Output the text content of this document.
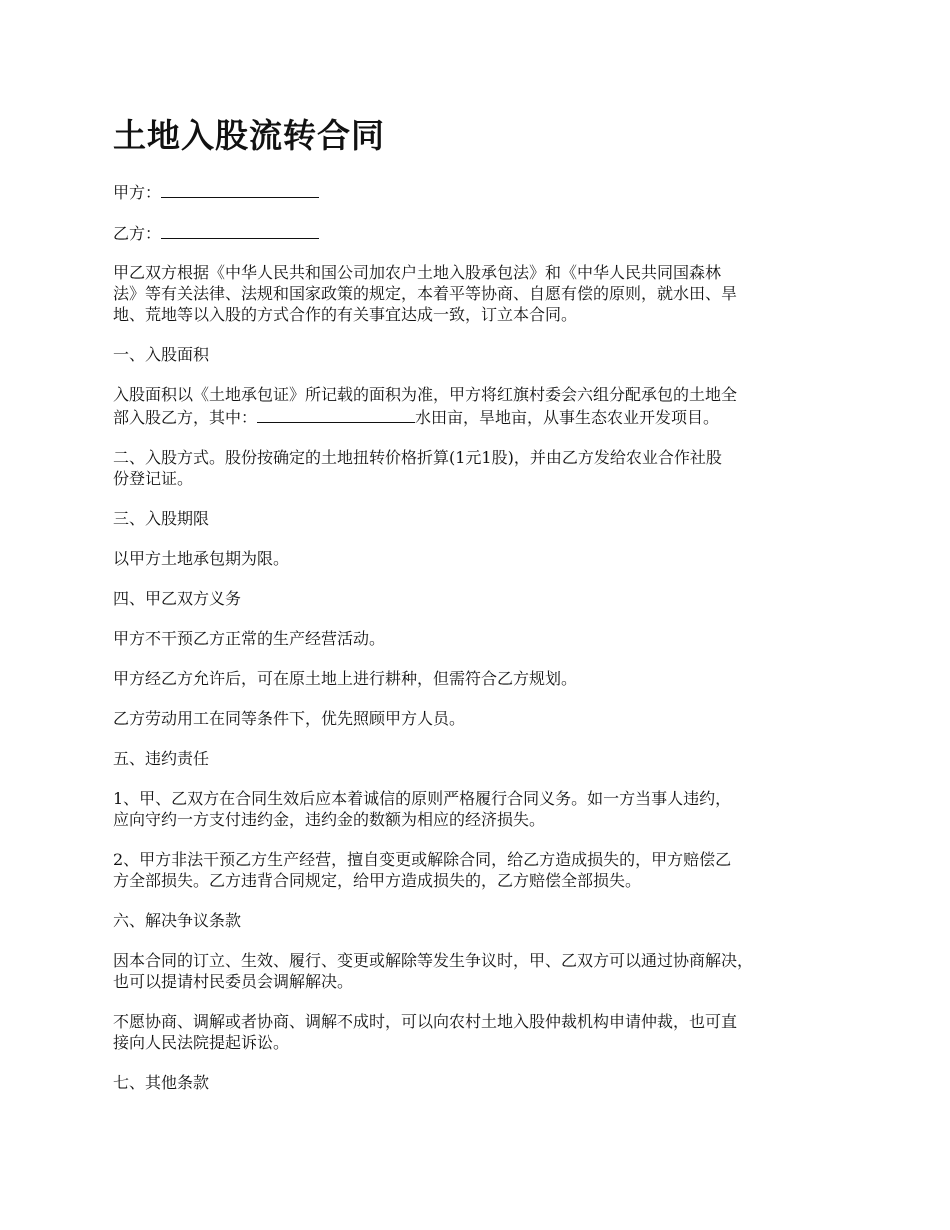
土地入股流转合同
甲方：
乙方：
甲乙双方根据《中华人民共和国公司加农户土地入股承包法》和《中华人民共同国森林
法》等有关法律、法规和国家政策的规定，本着平等协商、自愿有偿的原则，就水田、旱
地、荒地等以入股的方式合作的有关事宜达成一致，订立本合同。
一、入股面积
入股面积以《土地承包证》所记载的面积为准，甲方将红旗村委会六组分配承包的土地全
部入股乙方，其中：	水田亩，旱地亩，从事生态农业开发项目。
二、入股方式。股份按确定的土地扭转价格折算(1元1股)，并由乙方发给农业合作社股
份登记证。
三、入股期限
以甲方土地承包期为限。
四、甲乙双方义务
甲方不干预乙方正常的生产经营活动。
甲方经乙方允许后，可在原土地上进行耕种，但需符合乙方规划。
乙方劳动用工在同等条件下，优先照顾甲方人员。
五、违约责任
1、甲、乙双方在合同生效后应本着诚信的原则严格履行合同义务。如一方当事人违约，
应向守约一方支付违约金，违约金的数额为相应的经济损失。
2、甲方非法干预乙方生产经营，擅自变更或解除合同，给乙方造成损失的，甲方赔偿乙
方全部损失。乙方违背合同规定，给甲方造成损失的，乙方赔偿全部损失。
六、解决争议条款
因本合同的订立、生效、履行、变更或解除等发生争议时，甲、乙双方可以通过协商解决，
也可以提请村民委员会调解解决。
不愿协商、调解或者协商、调解不成时，可以向农村土地入股仲裁机构申请仲裁，也可直
接向人民法院提起诉讼。
七、其他条款
